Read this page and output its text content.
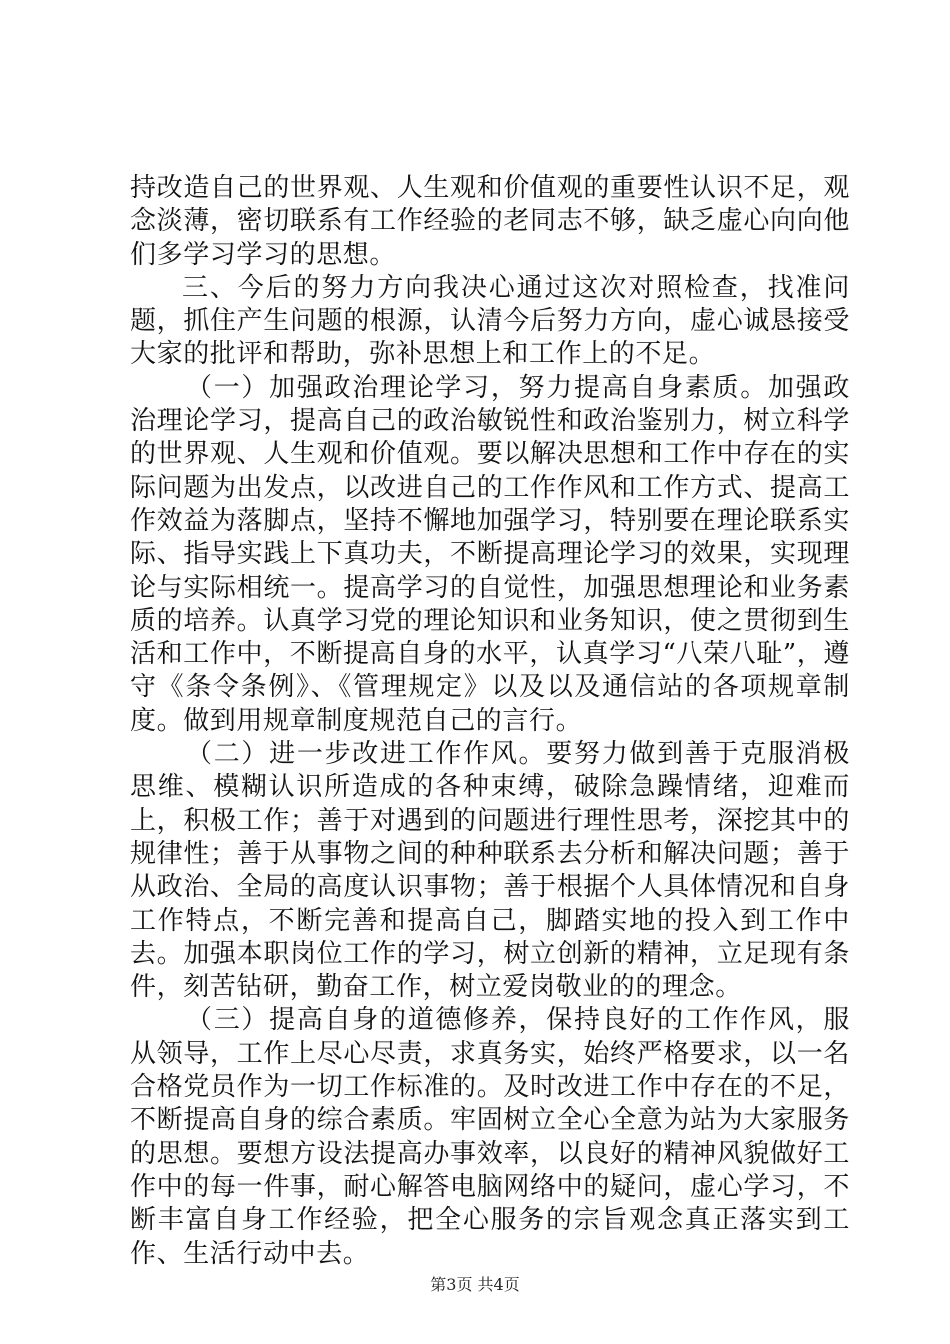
持改造自己的世界观、人生观和价值观的重要性认识不足，观念淡薄，密切联系有工作经验的老同志不够，缺乏虚心向向他们多学习学习的思想。

三、今后的努力方向我决心通过这次对照检查，找准问题，抓住产生问题的根源，认清今后努力方向，虚心诚恳接受大家的批评和帮助，弥补思想上和工作上的不足。

（一）加强政治理论学习，努力提高自身素质。加强政治理论学习，提高自己的政治敏锐性和政治鉴别力，树立科学的世界观、人生观和价值观。要以解决思想和工作中存在的实际问题为出发点，以改进自己的工作作风和工作方式、提高工作效益为落脚点，坚持不懈地加强学习，特别要在理论联系实际、指导实践上下真功夫，不断提高理论学习的效果，实现理论与实际相统一。提高学习的自觉性，加强思想理论和业务素质的培养。认真学习党的理论知识和业务知识，使之贯彻到生活和工作中，不断提高自身的水平，认真学习“八荣八耻”，遵守《条令条例》、《管理规定》以及以及通信站的各项规章制度。做到用规章制度规范自己的言行。

（二）进一步改进工作作风。要努力做到善于克服消极思维、模糊认识所造成的各种束缚，破除急躁情绪，迎难而上，积极工作；善于对遇到的问题进行理性思考，深挖其中的规律性；善于从事物之间的种种联系去分析和解决问题；善于从政治、全局的高度认识事物；善于根据个人具体情况和自身工作特点，不断完善和提高自己，脚踏实地的投入到工作中去。加强本职岗位工作的学习，树立创新的精神，立足现有条件，刻苦钻研，勤奋工作，树立爱岗敬业的的理念。

（三）提高自身的道德修养，保持良好的工作作风，服从领导，工作上尽心尽责，求真务实，始终严格要求，以一名合格党员作为一切工作标准的。及时改进工作中存在的不足，不断提高自身的综合素质。牢固树立全心全意为站为大家服务的思想。要想方设法提高办事效率，以良好的精神风貌做好工作中的每一件事，耐心解答电脑网络中的疑问，虚心学习，不断丰富自身工作经验，把全心服务的宗旨观念真正落实到工作、生活行动中去。

第3页 共4页
